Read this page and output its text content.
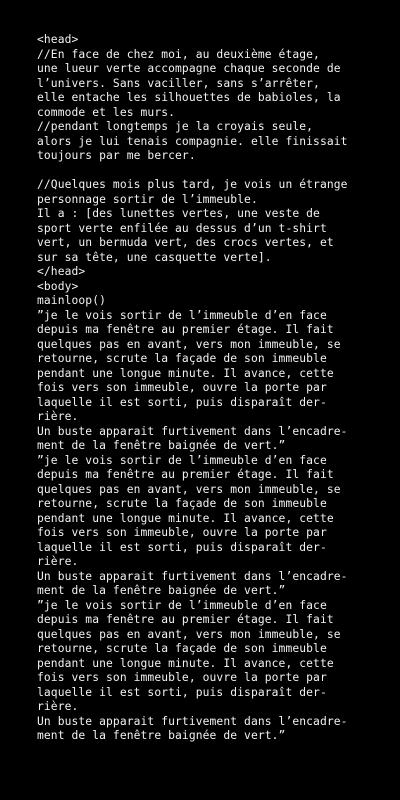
<head>
//En face de chez moi, au deuxième étage,
une lueur verte accompagne chaque seconde de
l’univers. Sans vaciller, sans s’arrêter,
elle entache les silhouettes de babioles, la
commode et les murs.
//pendant longtemps je la croyais seule,
alors je lui tenais compagnie. elle finissait
toujours par me bercer.
//Quelques mois plus tard, je vois un étrange
personnage sortir de l’immeuble.
Il a : [des lunettes vertes, une veste de
sport verte enfilée au dessus d’un t-shirt
vert, un bermuda vert, des crocs vertes, et
sur sa tête, une casquette verte].
</head>
<body>
mainloop()
”je le vois sortir de l’immeuble d’en face
depuis ma fenêtre au premier étage. Il fait
quelques pas en avant, vers mon immeuble, se
retourne, scrute la façade de son immeuble
pendant une longue minute. Il avance, cette
fois vers son immeuble, ouvre la porte par
laquelle il est sorti, puis disparaît der-
rière.
Un buste apparait furtivement dans l’encadre-
ment de la fenêtre baignée de vert.”
”je le vois sortir de l’immeuble d’en face
depuis ma fenêtre au premier étage. Il fait
quelques pas en avant, vers mon immeuble, se
retourne, scrute la façade de son immeuble
pendant une longue minute. Il avance, cette
fois vers son immeuble, ouvre la porte par
laquelle il est sorti, puis disparaît der-
rière.
Un buste apparait furtivement dans l’encadre-
ment de la fenêtre baignée de vert.”
”je le vois sortir de l’immeuble d’en face
depuis ma fenêtre au premier étage. Il fait
quelques pas en avant, vers mon immeuble, se
retourne, scrute la façade de son immeuble
pendant une longue minute. Il avance, cette
fois vers son immeuble, ouvre la porte par
laquelle il est sorti, puis disparaît der-
rière.
Un buste apparait furtivement dans l’encadre-
ment de la fenêtre baignée de vert.”
